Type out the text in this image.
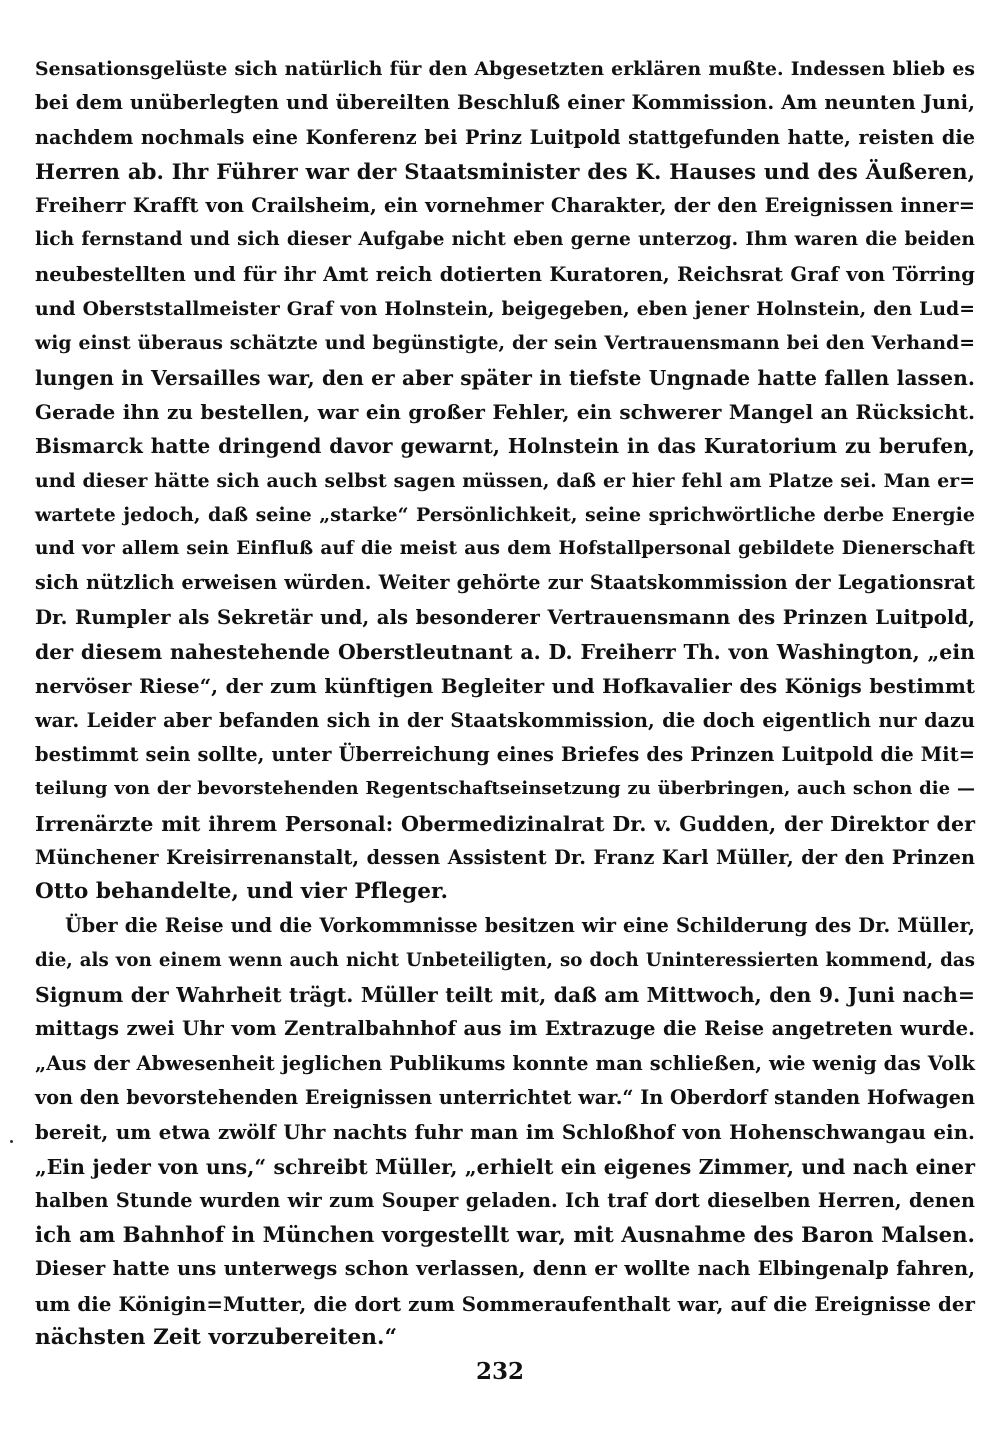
Sensationsgelüste sich natürlich für den Abgesetzten erklären mußte. Indessen blieb es
bei dem unüberlegten und übereilten Beschluß einer Kommission. Am neunten Juni,
nachdem nochmals eine Konferenz bei Prinz Luitpold stattgefunden hatte, reisten die
Herren ab. Ihr Führer war der Staatsminister des K. Hauses und des Äußeren,
Freiherr Krafft von Crailsheim, ein vornehmer Charakter, der den Ereignissen inner=
lich fernstand und sich dieser Aufgabe nicht eben gerne unterzog. Ihm waren die beiden
neubestellten und für ihr Amt reich dotierten Kuratoren, Reichsrat Graf von Törring
und Oberststallmeister Graf von Holnstein, beigegeben, eben jener Holnstein, den Lud=
wig einst überaus schätzte und begünstigte, der sein Vertrauensmann bei den Verhand=
lungen in Versailles war, den er aber später in tiefste Ungnade hatte fallen lassen.
Gerade ihn zu bestellen, war ein großer Fehler, ein schwerer Mangel an Rücksicht.
Bismarck hatte dringend davor gewarnt, Holnstein in das Kuratorium zu berufen,
und dieser hätte sich auch selbst sagen müssen, daß er hier fehl am Platze sei. Man er=
wartete jedoch, daß seine „starke“ Persönlichkeit, seine sprichwörtliche derbe Energie
und vor allem sein Einfluß auf die meist aus dem Hofstallpersonal gebildete Dienerschaft
sich nützlich erweisen würden. Weiter gehörte zur Staatskommission der Legationsrat
Dr. Rumpler als Sekretär und, als besonderer Vertrauensmann des Prinzen Luitpold,
der diesem nahestehende Oberstleutnant a. D. Freiherr Th. von Washington, „ein
nervöser Riese“, der zum künftigen Begleiter und Hofkavalier des Königs bestimmt
war. Leider aber befanden sich in der Staatskommission, die doch eigentlich nur dazu
bestimmt sein sollte, unter Überreichung eines Briefes des Prinzen Luitpold die Mit=
teilung von der bevorstehenden Regentschaftseinsetzung zu überbringen, auch schon die —
Irrenärzte mit ihrem Personal: Obermedizinalrat Dr. v. Gudden, der Direktor der
Münchener Kreisirrenanstalt, dessen Assistent Dr. Franz Karl Müller, der den Prinzen
Otto behandelte, und vier Pfleger.
Über die Reise und die Vorkommnisse besitzen wir eine Schilderung des Dr. Müller,
die, als von einem wenn auch nicht Unbeteiligten, so doch Uninteressierten kommend, das
Signum der Wahrheit trägt. Müller teilt mit, daß am Mittwoch, den 9. Juni nach=
mittags zwei Uhr vom Zentralbahnhof aus im Extrazuge die Reise angetreten wurde.
„Aus der Abwesenheit jeglichen Publikums konnte man schließen, wie wenig das Volk
von den bevorstehenden Ereignissen unterrichtet war.“ In Oberdorf standen Hofwagen
bereit, um etwa zwölf Uhr nachts fuhr man im Schloßhof von Hohenschwangau ein.
„Ein jeder von uns,“ schreibt Müller, „erhielt ein eigenes Zimmer, und nach einer
halben Stunde wurden wir zum Souper geladen. Ich traf dort dieselben Herren, denen
ich am Bahnhof in München vorgestellt war, mit Ausnahme des Baron Malsen.
Dieser hatte uns unterwegs schon verlassen, denn er wollte nach Elbingenalp fahren,
um die Königin=Mutter, die dort zum Sommeraufenthalt war, auf die Ereignisse der
nächsten Zeit vorzubereiten.“
232
